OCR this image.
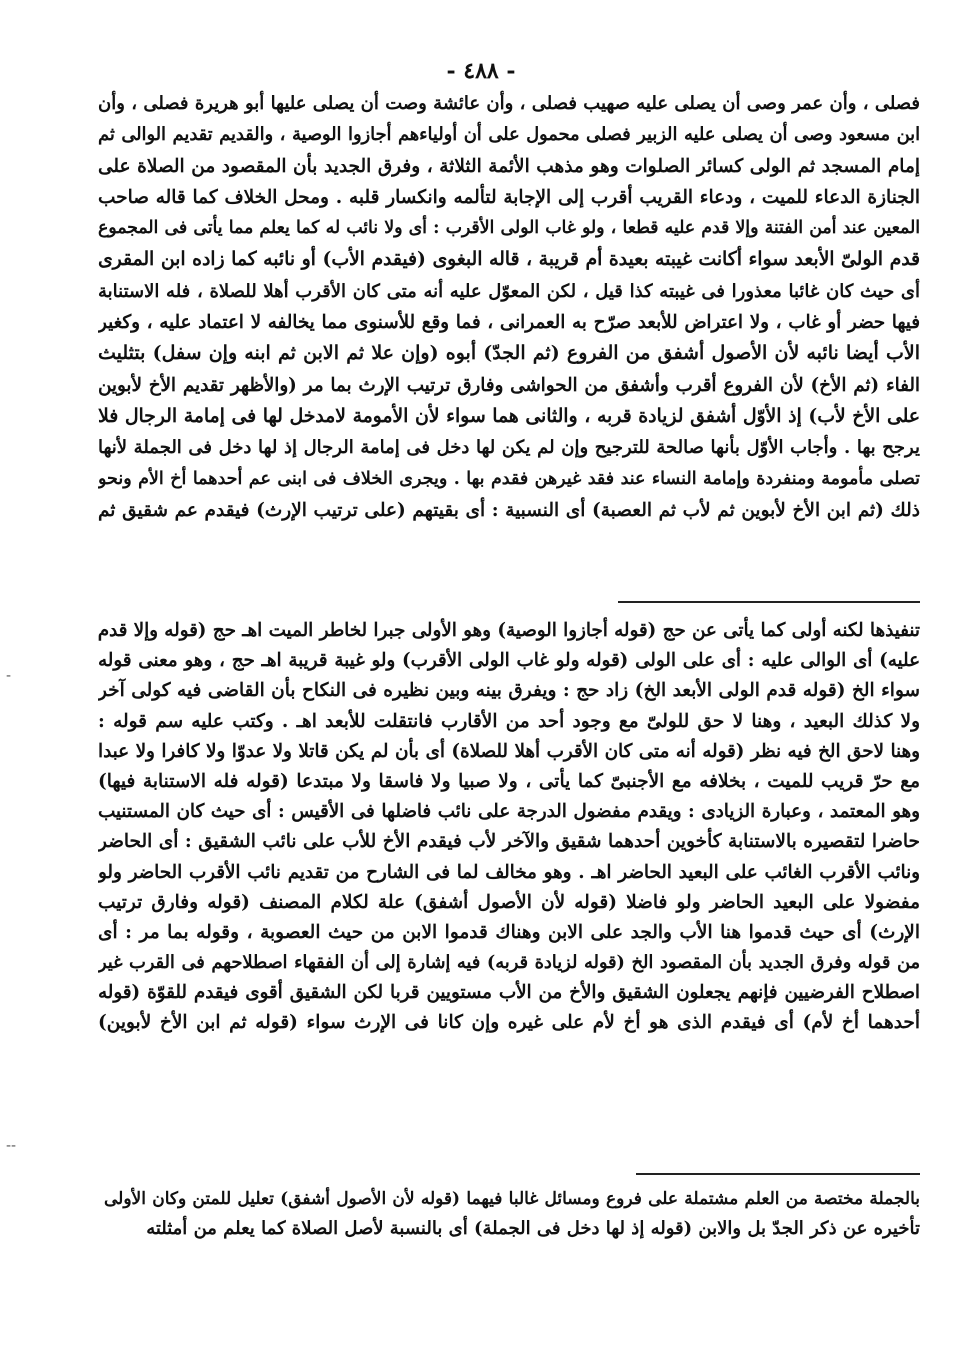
- ٤٨٨ -
فصلى ، وأن عمر وصى أن يصلى عليه صهيب فصلى ، وأن عائشة وصت أن يصلى عليها أبو هريرة فصلى ، وأن
ابن مسعود وصى أن يصلى عليه الزبير فصلى محمول على أن أولياءهم أجازوا الوصية ، والقديم تقديم الوالى ثم
إمام المسجد ثم الولى كسائر الصلوات وهو مذهب الأئمة الثلاثة ، وفرق الجديد بأن المقصود من الصلاة على
الجنازة الدعاء للميت ، ودعاء القريب أقرب إلى الإجابة لتألمه وانكسار قلبه . ومحل الخلاف كما قاله صاحب
المعين عند أمن الفتنة وإلا قدم عليه قطعا ، ولو غاب الولى الأقرب : أى ولا نائب له كما يعلم مما يأتى فى المجموع
قدم الولىّ الأبعد سواء أكانت غيبته بعيدة أم قريبة ، قاله البغوى (فيقدم الأب) أو نائبه كما زاده ابن المقرى
أى حيث كان غائبا معذورا فى غيبته كذا قيل ، لكن المعوّل عليه أنه متى كان الأقرب أهلا للصلاة ، فله الاستنابة
فيها حضر أو غاب ، ولا اعتراض للأبعد صرّح به العمرانى ، فما وقع للأسنوى مما يخالفه لا اعتماد عليه ، وكغير
الأب أيضا نائبه لأن الأصول أشفق من الفروع (ثم الجدّ) أبوه (وإن علا ثم الابن ثم ابنه وإن سفل) بتثليث
الفاء (ثم الأخ) لأن الفروع أقرب وأشفق من الحواشى وفارق ترتيب الإرث بما مر (والأظهر تقديم الأخ لأبوين
على الأخ لأب) إذ الأوّل أشفق لزيادة قربه ، والثانى هما سواء لأن الأمومة لامدخل لها فى إمامة الرجال فلا
يرجح بها . وأجاب الأوّل بأنها صالحة للترجيح وإن لم يكن لها دخل فى إمامة الرجال إذ لها دخل فى الجملة لأنها
تصلى مأمومة ومنفردة وإمامة النساء عند فقد غيرهن فقدم بها . ويجرى الخلاف فى ابنى عم أحدهما أخ الأم ونحو
ذلك (ثم ابن الأخ لأبوين ثم لأب ثم العصبة) أى النسبية : أى بقيتهم (على ترتيب الإرث) فيقدم عم شقيق ثم
تنفيذها لكنه أولى كما يأتى عن حج (قوله أجازوا الوصية) وهو الأولى جبرا لخاطر الميت اهـ حج (قوله وإلا قدم
عليه) أى الوالى عليه : أى على الولى (قوله ولو غاب الولى الأقرب) ولو غيبة قريبة اهـ حج ، وهو معنى قوله
سواء الخ (قوله قدم الولى الأبعد الخ) زاد حج : ويفرق بينه وبين نظيره فى النكاح بأن القاضى فيه كولى آخر
ولا كذلك البعيد ، وهنا لا حق للولىّ مع وجود أحد من الأقارب فانتقلت للأبعد اهـ . وكتب عليه سم قوله :
وهنا لاحق الخ فيه نظر (قوله أنه متى كان الأقرب أهلا للصلاة) أى بأن لم يكن قاتلا ولا عدوّا ولا كافرا ولا عبدا
مع حرّ قريب للميت ، بخلافه مع الأجنبىّ كما يأتى ، ولا صبيا ولا فاسقا ولا مبتدعا (قوله فله الاستنابة فيها)
وهو المعتمد ، وعبارة الزيادى : ويقدم مفضول الدرجة على نائب فاضلها فى الأقيس : أى حيث كان المستنيب
حاضرا لتقصيره بالاستنابة كأخوين أحدهما شقيق والآخر لأب فيقدم الأخ للأب على نائب الشقيق : أى الحاضر
ونائب الأقرب الغائب على البعيد الحاضر اهـ . وهو مخالف لما فى الشارح من تقديم نائب الأقرب الحاضر ولو
مفضولا على البعيد الحاضر ولو فاضلا (قوله لأن الأصول أشفق) علة لكلام المصنف (قوله وفارق ترتيب
الإرث) أى حيث قدموا هنا الأب والجد على الابن وهناك قدموا الابن من حيث العصوبة ، وقوله بما مر : أى
من قوله وفرق الجديد بأن المقصود الخ (قوله لزيادة قربه) فيه إشارة إلى أن الفقهاء اصطلاحهم فى القرب غير
اصطلاح الفرضيين فإنهم يجعلون الشقيق والأخ من الأب مستويين قربا لكن الشقيق أقوى فيقدم للقوّة (قوله
أحدهما أخ لأم) أى فيقدم الذى هو أخ لأم على غيره وإن كانا فى الإرث سواء (قوله ثم ابن الأخ لأبوين)
بالجملة مختصة من العلم مشتملة على فروع ومسائل غالبا فيهما (قوله لأن الأصول أشفق) تعليل للمتن وكان الأولى
تأخيره عن ذكر الجدّ بل والابن (قوله إذ لها دخل فى الجملة) أى بالنسبة لأصل الصلاة كما يعلم من أمثلته
-
--
